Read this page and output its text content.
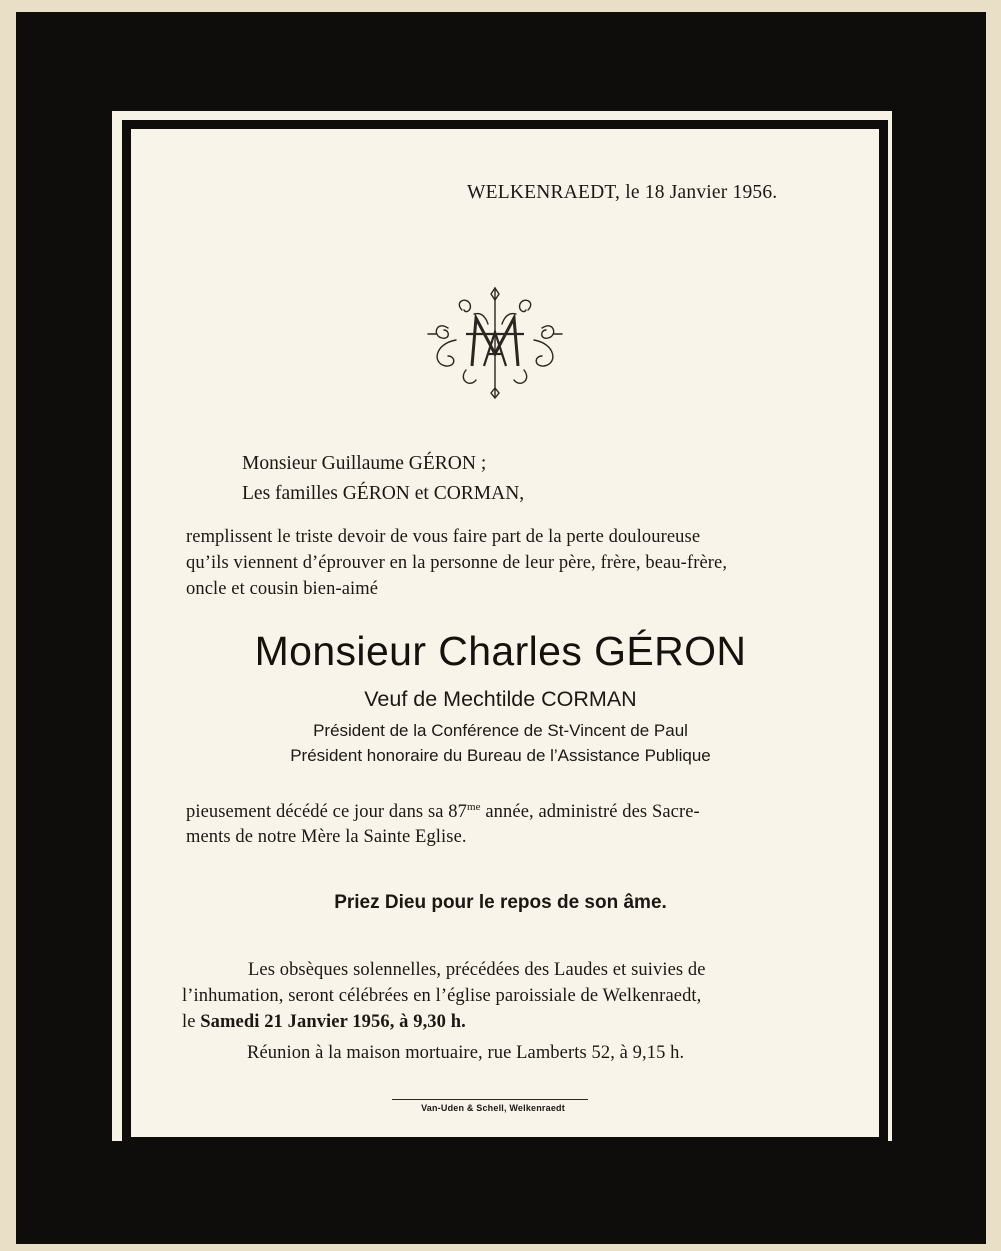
WELKENRAEDT, le 18 Janvier 1956.
Monsieur Guillaume GÉRON ;
Les familles GÉRON et CORMAN,
remplissent le triste devoir de vous faire part de la perte douloureuse
qu’ils viennent d’éprouver en la personne de leur père, frère, beau-frère,
oncle et cousin bien-aimé
Monsieur Charles GÉRON
Veuf de Mechtilde CORMAN
Président de la Conférence de St-Vincent de Paul
Président honoraire du Bureau de l’Assistance Publique
pieusement décédé ce jour dans sa $87^{me}$ année, administré des Sacre-
ments de notre Mère la Sainte Eglise.
Priez Dieu pour le repos de son âme.
Les obsèques solennelles, précédées des Laudes et suivies de
l’inhumation, seront célébrées en l’église paroissiale de Welkenraedt,
le Samedi 21 Janvier 1956, à 9,30 h.
Réunion à la maison mortuaire, rue Lamberts 52, à 9,15 h.
Van-Uden & Schell, Welkenraedt
